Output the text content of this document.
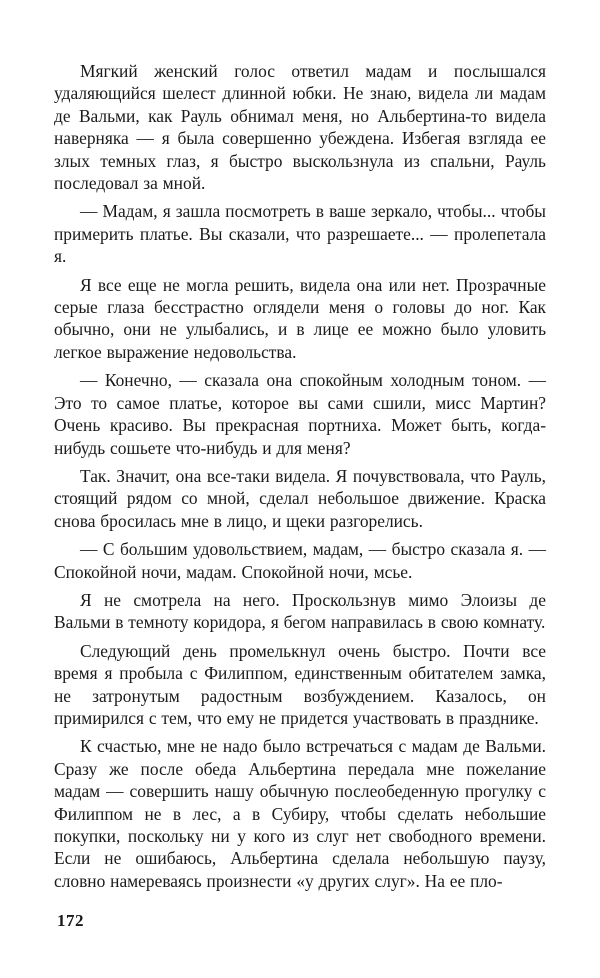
Мягкий женский голос ответил мадам и послышался удаляющийся шелест длинной юбки. Не знаю, видела ли мадам де Вальми, как Рауль обнимал меня, но Альбертина-то видела наверняка — я была совершенно убеждена. Избегая взгляда ее злых темных глаз, я быстро выскользнула из спальни, Рауль последовал за мной.

— Мадам, я зашла посмотреть в ваше зеркало, чтобы... чтобы примерить платье. Вы сказали, что разрешаете... — пролепетала я.

Я все еще не могла решить, видела она или нет. Прозрачные серые глаза бесстрастно оглядели меня о головы до ног. Как обычно, они не улыбались, и в лице ее можно было уловить легкое выражение недовольства.

— Конечно, — сказала она спокойным холодным тоном. — Это то самое платье, которое вы сами сшили, мисс Мартин? Очень красиво. Вы прекрасная портниха. Может быть, когда-нибудь сошьете что-нибудь и для меня?

Так. Значит, она все-таки видела. Я почувствовала, что Рауль, стоящий рядом со мной, сделал небольшое движение. Краска снова бросилась мне в лицо, и щеки разгорелись.

— С большим удовольствием, мадам, — быстро сказала я. — Спокойной ночи, мадам. Спокойной ночи, мсье.

Я не смотрела на него. Проскользнув мимо Элоизы де Вальми в темноту коридора, я бегом направилась в свою комнату.

Следующий день промелькнул очень быстро. Почти все время я пробыла с Филиппом, единственным обитателем замка, не затронутым радостным возбуждением. Казалось, он примирился с тем, что ему не придется участвовать в празднике.

К счастью, мне не надо было встречаться с мадам де Вальми. Сразу же после обеда Альбертина передала мне пожелание мадам — совершить нашу обычную послеобеденную прогулку с Филиппом не в лес, а в Субиру, чтобы сделать небольшие покупки, поскольку ни у кого из слуг нет свободного времени. Если не ошибаюсь, Альбертина сделала небольшую паузу, словно намереваясь произнести «у других слуг». На ее пло-

172
